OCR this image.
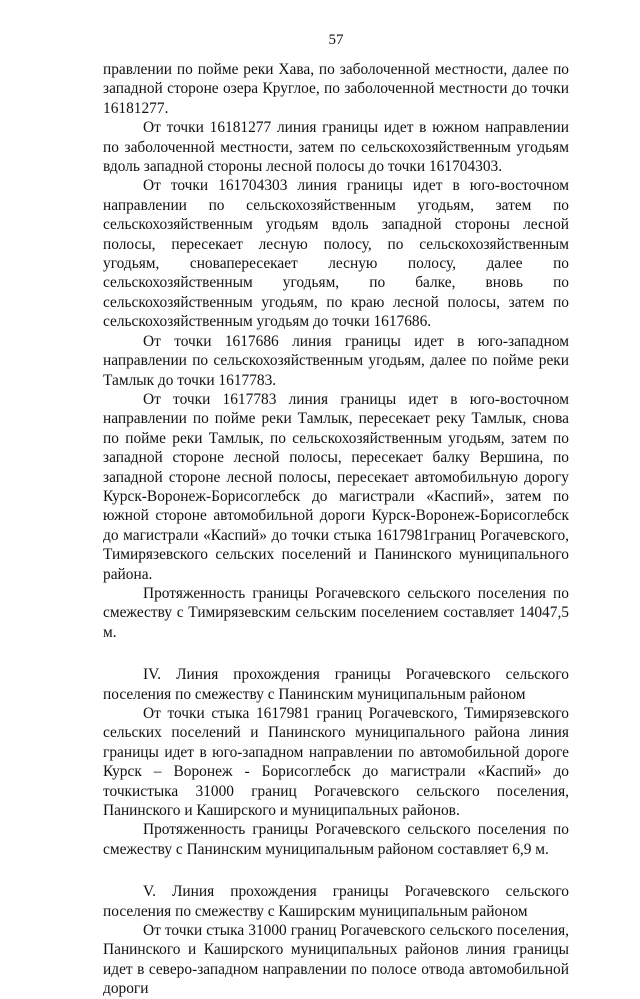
57

правлении по пойме реки Хава, по заболоченной местности, далее по западной стороне озера Круглое, по заболоченной местности до точки 16181277.

От точки 16181277 линия границы идет в южном направлении по заболоченной местности, затем по сельскохозяйственным угодьям вдоль западной стороны лесной полосы до точки 161704303.

От точки 161704303 линия границы идет в юго-восточном направлении по сельскохозяйственным угодьям, затем по сельскохозяйственным угодьям вдоль западной стороны лесной полосы, пересекает лесную полосу, по сельскохозяйственным угодьям, сновапересекает лесную полосу, далее по сельскохозяйственным угодьям, по балке, вновь по сельскохозяйственным угодьям, по краю лесной полосы, затем по сельскохозяйственным угодьям до точки 1617686.

От точки 1617686 линия границы идет в юго-западном направлении по сельскохозяйственным угодьям, далее по пойме реки Тамлык до точки 1617783.

От точки 1617783 линия границы идет в юго-восточном направлении по пойме реки Тамлык, пересекает реку Тамлык, снова по пойме реки Тамлык, по сельскохозяйственным угодьям, затем по западной стороне лесной полосы, пересекает балку Вершина, по западной стороне лесной полосы, пересекает автомобильную дорогу Курск-Воронеж-Борисоглебск до магистрали «Каспий», затем по южной стороне автомобильной дороги Курск-Воронеж-Борисоглебск до магистрали «Каспий» до точки стыка 1617981границ Рогачевского, Тимирязевского сельских поселений и Панинского муниципального района.

Протяженность границы Рогачевского сельского поселения по смежеству с Тимирязевским сельским поселением составляет 14047,5 м.

IV. Линия прохождения границы Рогачевского сельского поселения по смежеству с Панинским муниципальным районом

От точки стыка 1617981 границ Рогачевского, Тимирязевского сельских поселений и Панинского муниципального района линия границы идет в юго-западном направлении по автомобильной дороге Курск – Воронеж - Борисоглебск до магистрали «Каспий» до точкистыка 31000 границ Рогачевского сельского поселения, Панинского и Каширского и муниципальных районов.

Протяженность границы Рогачевского сельского поселения по смежеству с Панинским муниципальным районом составляет 6,9 м.

V. Линия прохождения границы Рогачевского сельского поселения по смежеству с Каширским муниципальным районом

От точки стыка 31000 границ Рогачевского сельского поселения, Панинского и Каширского муниципальных районов линия границы идет в северо-западном направлении по полосе отвода автомобильной дороги
